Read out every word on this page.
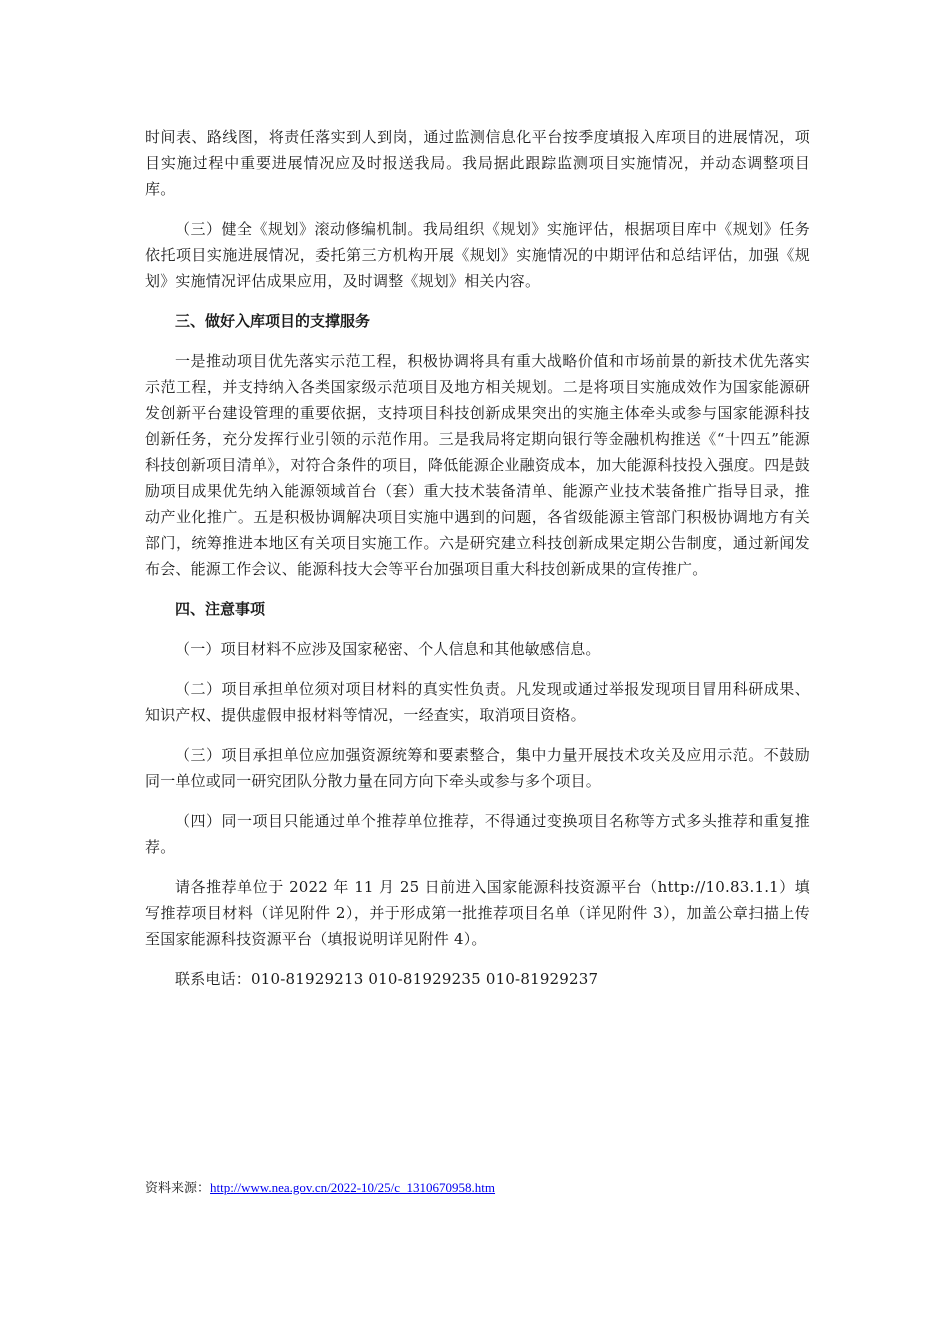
时间表、路线图，将责任落实到人到岗，通过监测信息化平台按季度填报入库项目的进展情况，项目实施过程中重要进展情况应及时报送我局。我局据此跟踪监测项目实施情况，并动态调整项目库。

（三）健全《规划》滚动修编机制。我局组织《规划》实施评估，根据项目库中《规划》任务依托项目实施进展情况，委托第三方机构开展《规划》实施情况的中期评估和总结评估，加强《规划》实施情况评估成果应用，及时调整《规划》相关内容。

三、做好入库项目的支撑服务

一是推动项目优先落实示范工程，积极协调将具有重大战略价值和市场前景的新技术优先落实示范工程，并支持纳入各类国家级示范项目及地方相关规划。二是将项目实施成效作为国家能源研发创新平台建设管理的重要依据，支持项目科技创新成果突出的实施主体牵头或参与国家能源科技创新任务，充分发挥行业引领的示范作用。三是我局将定期向银行等金融机构推送《“十四五”能源科技创新项目清单》，对符合条件的项目，降低能源企业融资成本，加大能源科技投入强度。四是鼓励项目成果优先纳入能源领域首台（套）重大技术装备清单、能源产业技术装备推广指导目录，推动产业化推广。五是积极协调解决项目实施中遇到的问题，各省级能源主管部门积极协调地方有关部门，统筹推进本地区有关项目实施工作。六是研究建立科技创新成果定期公告制度，通过新闻发布会、能源工作会议、能源科技大会等平台加强项目重大科技创新成果的宣传推广。

四、注意事项

（一）项目材料不应涉及国家秘密、个人信息和其他敏感信息。

（二）项目承担单位须对项目材料的真实性负责。凡发现或通过举报发现项目冒用科研成果、知识产权、提供虚假申报材料等情况，一经查实，取消项目资格。

（三）项目承担单位应加强资源统筹和要素整合，集中力量开展技术攻关及应用示范。不鼓励同一单位或同一研究团队分散力量在同方向下牵头或参与多个项目。

（四）同一项目只能通过单个推荐单位推荐，不得通过变换项目名称等方式多头推荐和重复推荐。

请各推荐单位于 2022 年 11 月 25 日前进入国家能源科技资源平台（http://10.83.1.1）填写推荐项目材料（详见附件 2），并于形成第一批推荐项目名单（详见附件 3），加盖公章扫描上传至国家能源科技资源平台（填报说明详见附件 4）。

联系电话：010-81929213 010-81929235 010-81929237

资料来源：http://www.nea.gov.cn/2022-10/25/c_1310670958.htm
